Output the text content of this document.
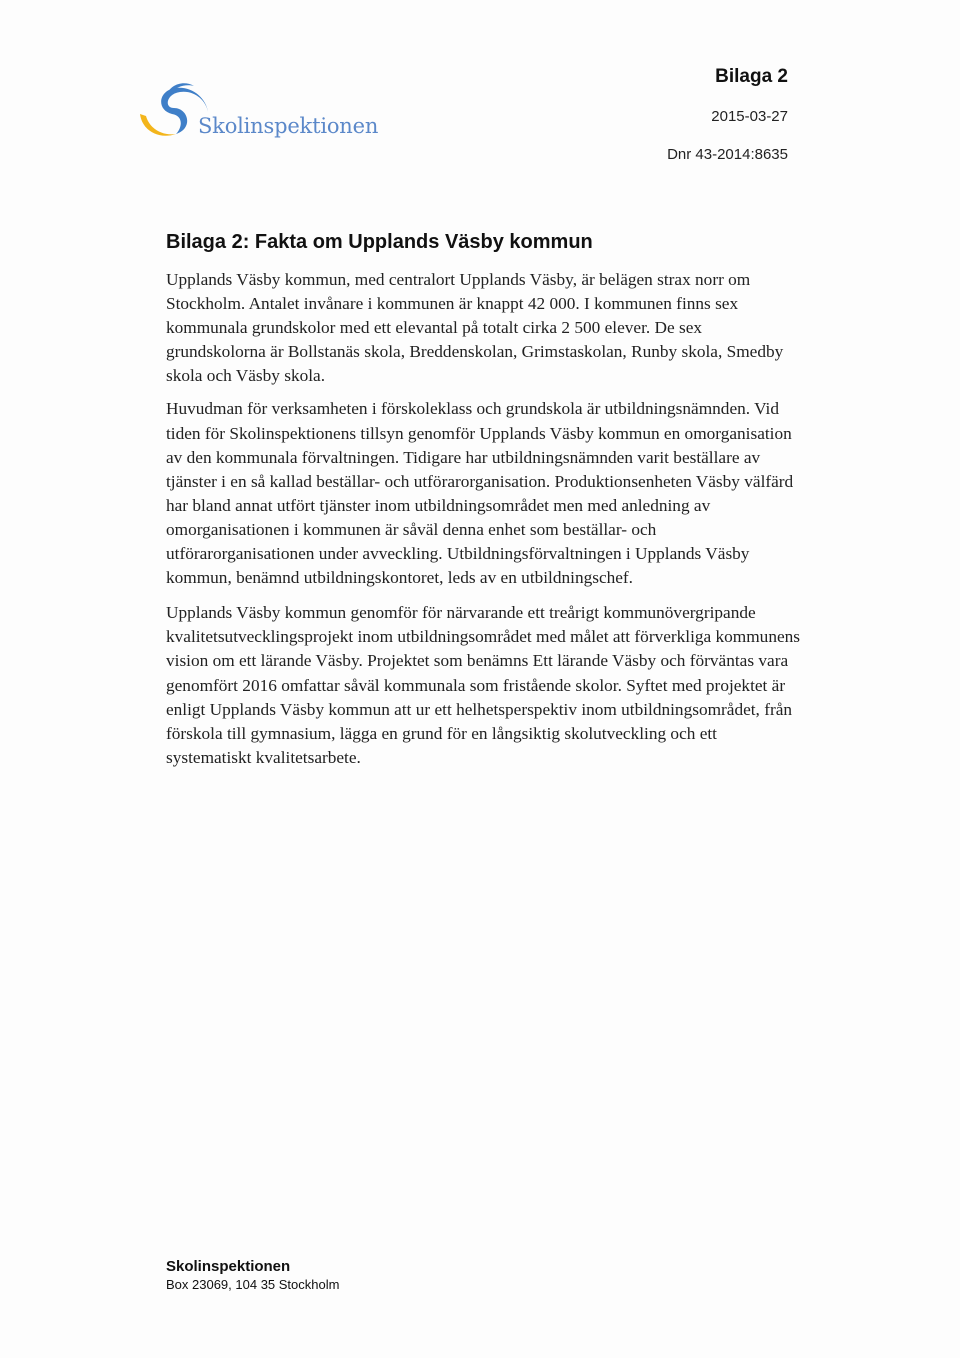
Skolinspektionen
Bilaga 2
2015-03-27
Dnr 43-2014:8635
Bilaga 2: Fakta om Upplands Väsby kommun

Upplands Väsby kommun, med centralort Upplands Väsby, är belägen strax norr om Stockholm. Antalet invånare i kommunen är knappt 42 000. I kommunen finns sex kommunala grundskolor med ett elevantal på totalt cirka 2 500 elever. De sex grundskolorna är Bollstanäs skola, Breddenskolan, Grimstaskolan, Runby skola, Smedby skola och Väsby skola.

Huvudman för verksamheten i förskoleklass och grundskola är utbildningsnämnden. Vid tiden för Skolinspektionens tillsyn genomför Upplands Väsby kommun en omorganisation av den kommunala förvaltningen. Tidigare har utbildningsnämnden varit beställare av tjänster i en så kallad beställar- och utförarorganisation. Produktionsenheten Väsby välfärd har bland annat utfört tjänster inom utbildningsområdet men med anledning av omorganisationen i kommunen är såväl denna enhet som beställar- och utförarorganisationen under avveckling. Utbildningsförvaltningen i Upplands Väsby kommun, benämnd utbildningskontoret, leds av en utbildningschef.

Upplands Väsby kommun genomför för närvarande ett treårigt kommunövergripande kvalitetsutvecklingsprojekt inom utbildningsområdet med målet att förverkliga kommunens vision om ett lärande Väsby. Projektet som benämns Ett lärande Väsby och förväntas vara genomfört 2016 omfattar såväl kommunala som fristående skolor. Syftet med projektet är enligt Upplands Väsby kommun att ur ett helhetsperspektiv inom utbildningsområdet, från förskola till gymnasium, lägga en grund för en långsiktig skolutveckling och ett systematiskt kvalitetsarbete.

Skolinspektionen
Box 23069, 104 35 Stockholm
